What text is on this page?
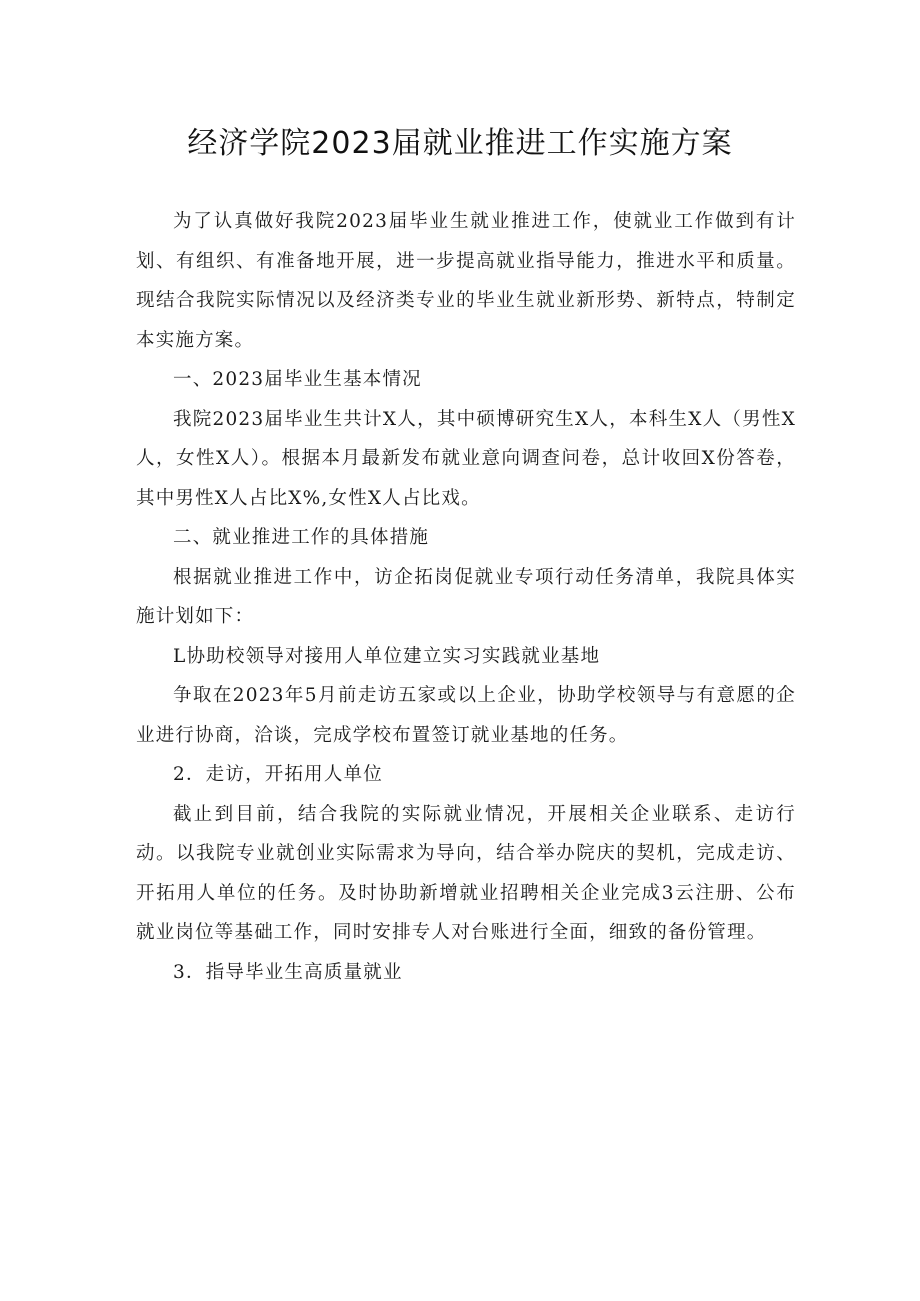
经济学院2023届就业推进工作实施方案

为了认真做好我院2023届毕业生就业推进工作，使就业工作做到有计划、有组织、有准备地开展，进一步提高就业指导能力，推进水平和质量。现结合我院实际情况以及经济类专业的毕业生就业新形势、新特点，特制定本实施方案。

一、2023届毕业生基本情况

我院2023届毕业生共计X人，其中硕博研究生X人，本科生X人（男性X人，女性X人）。根据本月最新发布就业意向调查问卷，总计收回X份答卷，其中男性X人占比X%,女性X人占比戏。

二、就业推进工作的具体措施

根据就业推进工作中，访企拓岗促就业专项行动任务清单，我院具体实施计划如下：

L协助校领导对接用人单位建立实习实践就业基地

争取在2023年5月前走访五家或以上企业，协助学校领导与有意愿的企业进行协商，洽谈，完成学校布置签订就业基地的任务。

2．走访，开拓用人单位

截止到目前，结合我院的实际就业情况，开展相关企业联系、走访行动。以我院专业就创业实际需求为导向，结合举办院庆的契机，完成走访、开拓用人单位的任务。及时协助新增就业招聘相关企业完成3云注册、公布就业岗位等基础工作，同时安排专人对台账进行全面，细致的备份管理。

3．指导毕业生高质量就业
